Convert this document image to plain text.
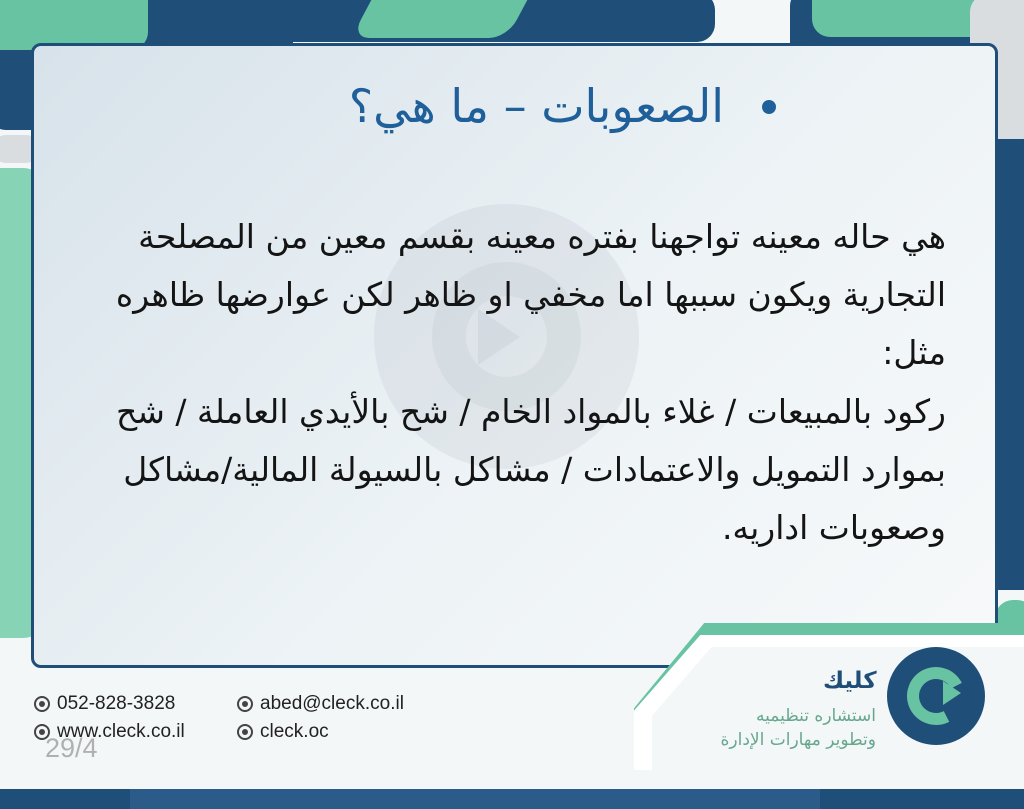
الصعوبات – ما هي؟
هي حاله معينه تواجهنا بفتره معينه بقسم معين من المصلحة التجارية ويكون سببها اما مخفي او ظاهر لكن عوارضها ظاهره مثل:
ركود بالمبيعات / غلاء بالمواد الخام / شح بالأيدي العاملة / شح بموارد التمويل والاعتمادات / مشاكل بالسيولة المالية/مشاكل وصعوبات اداريه.
كليك
استشاره تنظيميه
وتطوير مهارات الإدارة
052-828-3828
www.cleck.co.il
abed@cleck.co.il
cleck.oc
29/4
